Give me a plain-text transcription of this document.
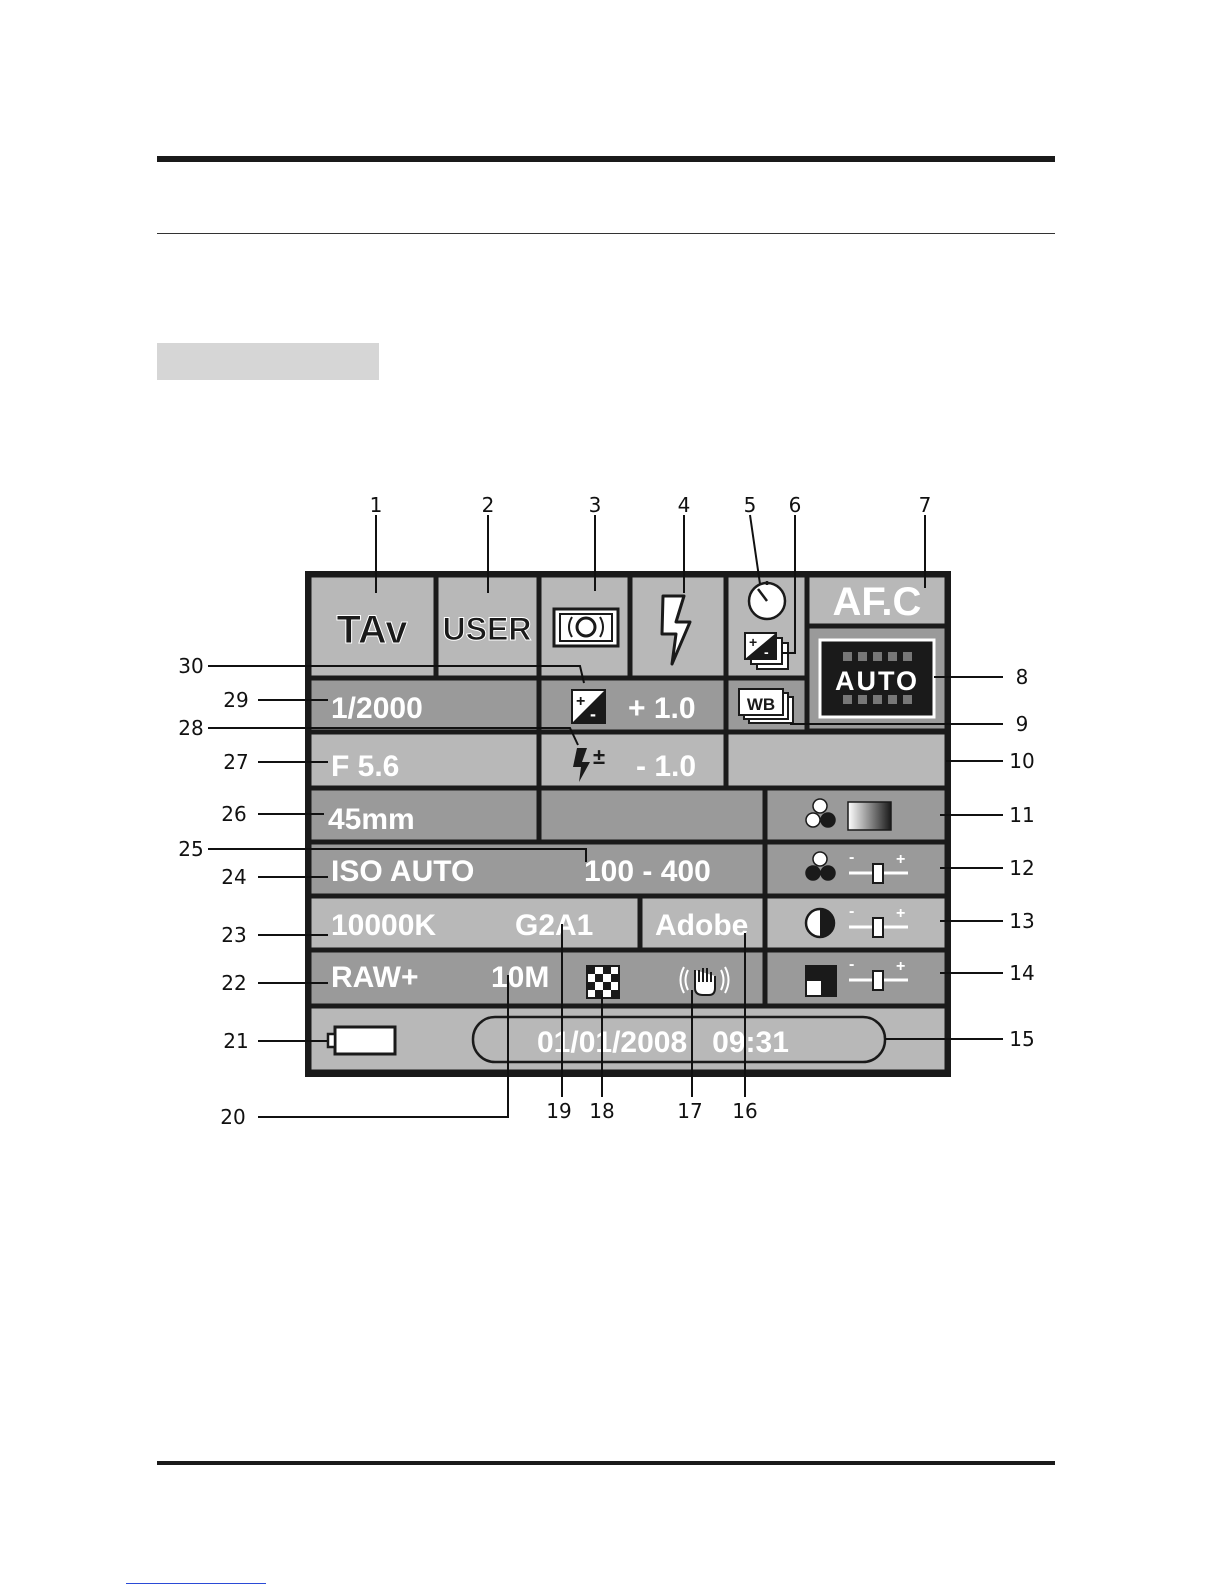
TAv USER	+
-
AF.C
AUTO
1/2000	+
- + 1.0	WB
F 5.6	± - 1.0
45mm
ISO AUTO	100 - 400	-	+
10000K	G2A1 Adobe	-	+
RAW+ 10M	-	+
01/01/2008   09:31
1	2	3	4	5 6	7
8
9
10
11
12
13
14
15
16
17
18
19
20
21
22
23
24
25
26
27
28
29
30
